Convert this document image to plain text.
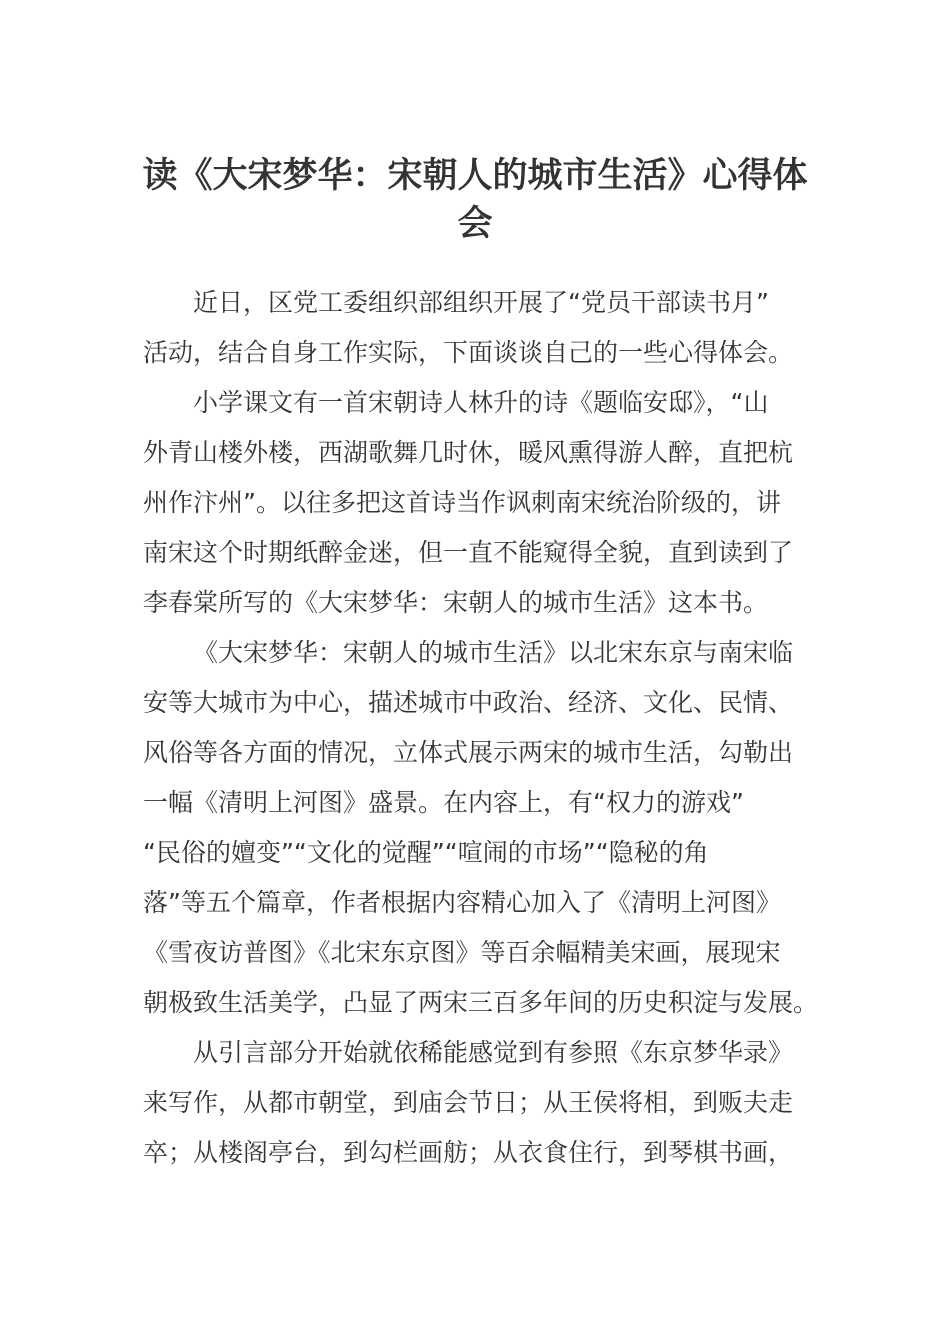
读《大宋梦华：宋朝人的城市生活》心得体
会
近日，区党工委组织部组织开展了“党员干部读书月”
活动，结合自身工作实际，下面谈谈自己的一些心得体会。
小学课文有一首宋朝诗人林升的诗《题临安邸》，“山
外青山楼外楼，西湖歌舞几时休，暖风熏得游人醉，直把杭
州作汴州”。以往多把这首诗当作讽刺南宋统治阶级的，讲
南宋这个时期纸醉金迷，但一直不能窥得全貌，直到读到了
李春棠所写的《大宋梦华：宋朝人的城市生活》这本书。
《大宋梦华：宋朝人的城市生活》以北宋东京与南宋临
安等大城市为中心，描述城市中政治、经济、文化、民情、
风俗等各方面的情况，立体式展示两宋的城市生活，勾勒出
一幅《清明上河图》盛景。在内容上，有“权力的游戏”
“民俗的嬗变”“文化的觉醒”“喧闹的市场”“隐秘的角
落”等五个篇章，作者根据内容精心加入了《清明上河图》
《雪夜访普图》《北宋东京图》等百余幅精美宋画，展现宋
朝极致生活美学，凸显了两宋三百多年间的历史积淀与发展。
从引言部分开始就依稀能感觉到有参照《东京梦华录》
来写作，从都市朝堂，到庙会节日；从王侯将相，到贩夫走
卒；从楼阁亭台，到勾栏画舫；从衣食住行，到琴棋书画，
